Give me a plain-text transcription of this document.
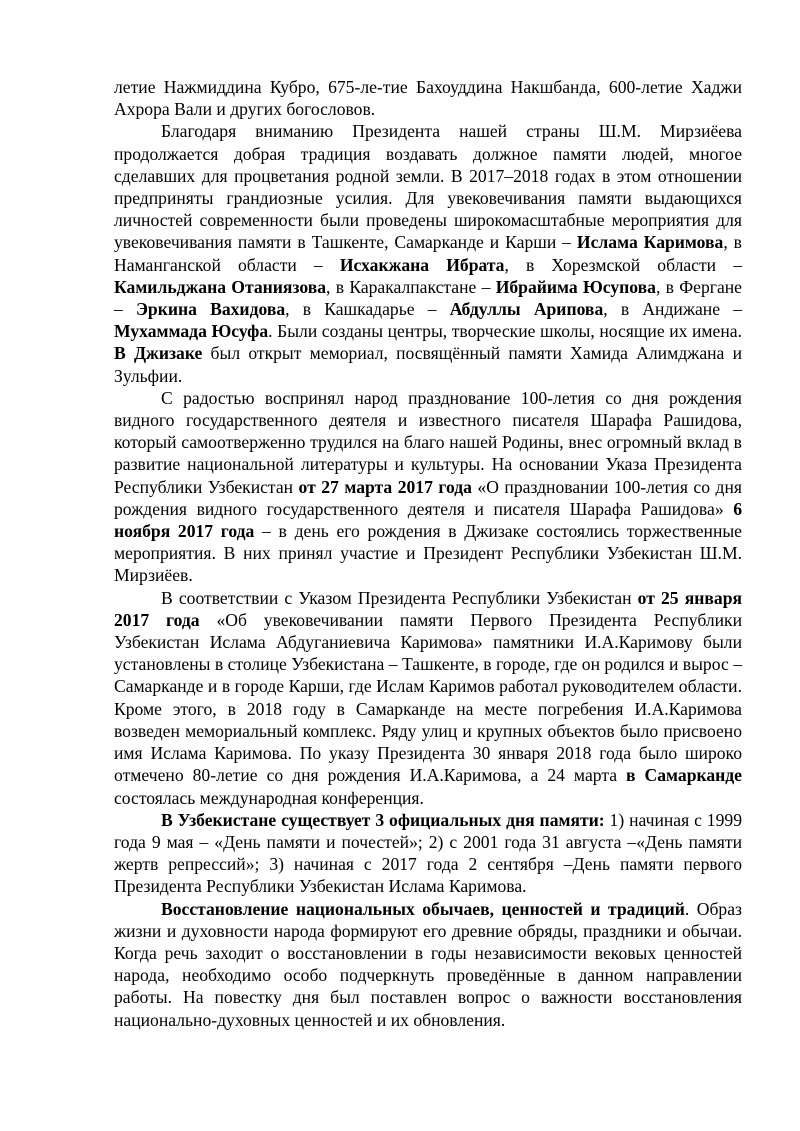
летие Нажмиддина Кубро, 675-ле-тие Бахоуддина Накшбанда, 600-летие Хаджи Ахрора Вали и других богословов.

Благодаря вниманию Президента нашей страны Ш.М. Мирзиёева продолжается добрая традиция воздавать должное памяти людей, многое сделавших для процветания родной земли. В 2017–2018 годах в этом отношении предприняты грандиозные усилия. Для увековечивания памяти выдающихся личностей современности были проведены широкомасштабные мероприятия для увековечивания памяти в Ташкенте, Самарканде и Карши – Ислама Каримова, в Наманганской области – Исхакжана Ибрата, в Хорезмской области – Камильджана Отаниязова, в Каракалпакстане – Ибрайима Юсупова, в Фергане – Эркина Вахидова, в Кашкадарье – Абдуллы Арипова, в Андижане – Мухаммада Юсуфа. Были созданы центры, творческие школы, носящие их имена. В Джизаке был открыт мемориал, посвящённый памяти Хамида Алимджана и Зульфии.

С радостью воспринял народ празднование 100-летия со дня рождения видного государственного деятеля и известного писателя Шарафа Рашидова, который самоотверженно трудился на благо нашей Родины, внес огромный вклад в развитие национальной литературы и культуры. На основании Указа Президента Республики Узбекистан от 27 марта 2017 года «О праздновании 100-летия со дня рождения видного государственного деятеля и писателя Шарафа Рашидова» 6 ноября 2017 года – в день его рождения в Джизаке состоялись торжественные мероприятия. В них принял участие и Президент Республики Узбекистан Ш.М. Мирзиёев.

В соответствии с Указом Президента Республики Узбекистан от 25 января 2017 года «Об увековечивании памяти Первого Президента Республики Узбекистан Ислама Абдуганиевича Каримова» памятники И.А.Каримову были установлены в столице Узбекистана – Ташкенте, в городе, где он родился и вырос – Самарканде и в городе Карши, где Ислам Каримов работал руководителем области. Кроме этого, в 2018 году в Самарканде на месте погребения И.А.Каримова возведен мемориальный комплекс. Ряду улиц и крупных объектов было присвоено имя Ислама Каримова. По указу Президента 30 января 2018 года было широко отмечено 80-летие со дня рождения И.А.Каримова, а 24 марта в Самарканде состоялась международная конференция.

В Узбекистане существует 3 официальных дня памяти: 1) начиная с 1999 года 9 мая – «День памяти и почестей»; 2) с 2001 года 31 августа –«День памяти жертв репрессий»; 3) начиная с 2017 года 2 сентября –День памяти первого Президента Республики Узбекистан Ислама Каримова.

Восстановление национальных обычаев, ценностей и традиций. Образ жизни и духовности народа формируют его древние обряды, праздники и обычаи. Когда речь заходит о восстановлении в годы независимости вековых ценностей народа, необходимо особо подчеркнуть проведённые в данном направлении работы. На повестку дня был поставлен вопрос о важности восстановления национально-духовных ценностей и их обновления.
